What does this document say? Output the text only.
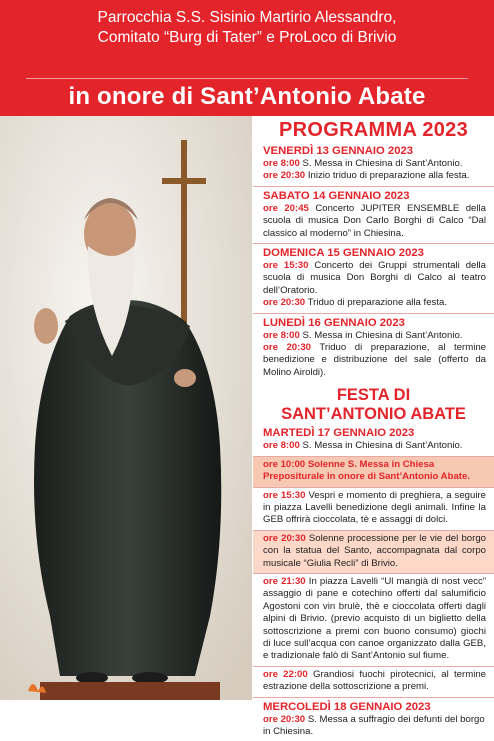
Parrocchia S.S. Sisinio Martirio Alessandro,
Comitato “Burg di Tater” e ProLoco di Brivio
in onore di Sant’Antonio Abate
PROGRAMMA 2023
VENERDÌ 13 GENNAIO 2023
ore 8:00 S. Messa in Chiesina di Sant’Antonio.
ore 20:30 Inizio triduo di preparazione alla festa.
SABATO 14 GENNAIO 2023
ore 20:45 Concerto JUPITER ENSEMBLE della scuola di musica Don Carlo Borghi di Calco “Dal classico al moderno” in Chiesina.
DOMENICA 15 GENNAIO 2023
ore 15:30 Concerto dei Gruppi strumentali della scuola di musica Don Borghi di Calco al teatro dell’Oratorio.
ore 20:30 Triduo di preparazione alla festa.
LUNEDÌ 16 GENNAIO 2023
ore 8:00 S. Messa in Chiesina di Sant’Antonio.
ore 20:30 Triduo di preparazione, al termine benedizione e distribuzione del sale (offerto da Molino Airoldi).
FESTA DI
SANT’ANTONIO ABATE
MARTEDÌ 17 GENNAIO 2023
ore 8:00 S. Messa in Chiesina di Sant’Antonio.
ore 10:00 Solenne S. Messa in Chiesa Prepositurale in onore di Sant’Antonio Abate.
ore 15:30 Vespri e momento di preghiera, a seguire in piazza Lavelli benedizione degli animali. Infine la GEB offrirà cioccolata, tè e assaggi di dolci.
ore 20:30 Solenne processione per le vie del borgo con la statua del Santo, accompagnata dal corpo musicale “Giulia Recli” di Brivio.
ore 21:30 In piazza Lavelli “Ul mangià di nost vecc” assaggio di pane e cotechino offerti dal salumificio Agostoni con vin brulè, thè e cioccolata offerti dagli alpini di Brivio. (previo acquisto di un biglietto della sottoscrizione a premi con buono consumo) giochi di luce sull’acqua con canoe organizzato dalla GEB, e tradizionale falò di Sant’Antonio sul fiume.
ore 22:00 Grandiosi fuochi pirotecnici, al termine estrazione della sottoscrizione a premi.
MERCOLEDÌ 18 GENNAIO 2023
ore 20:30 S. Messa a suffragio dei defunti del borgo in Chiesina.
